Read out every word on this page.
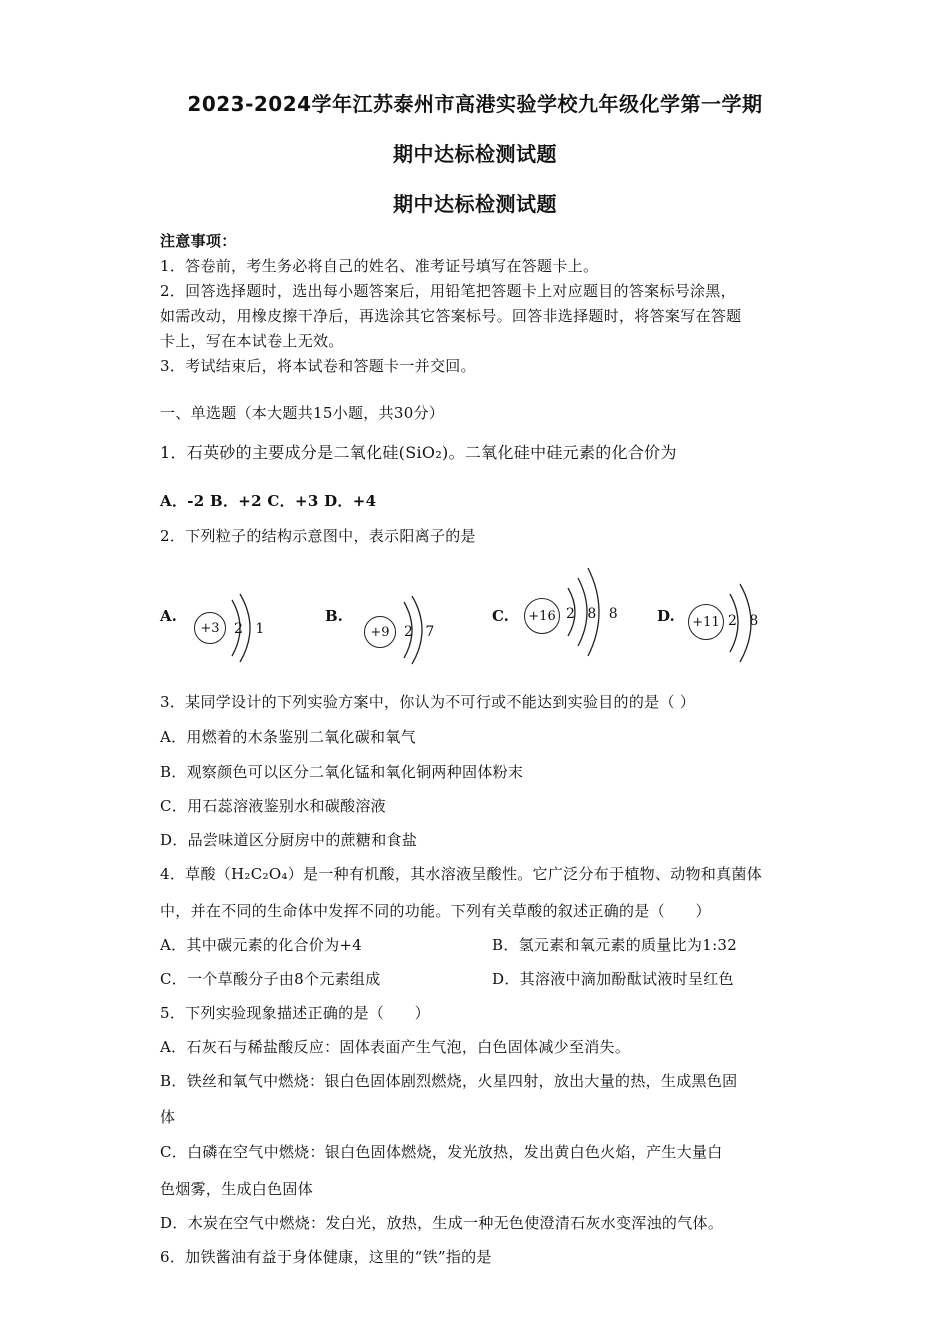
2023-2024学年江苏泰州市高港实验学校九年级化学第一学期
期中达标检测试题
期中达标检测试题
注意事项：
1．答卷前，考生务必将自己的姓名、准考证号填写在答题卡上。
2．回答选择题时，选出每小题答案后，用铅笔把答题卡上对应题目的答案标号涂黑，
如需改动，用橡皮擦干净后，再选涂其它答案标号。回答非选择题时，将答案写在答题
卡上，写在本试卷上无效。
3．考试结束后，将本试卷和答题卡一并交回。
一、单选题（本大题共15小题，共30分）
1．石英砂的主要成分是二氧化硅(SiO₂)。二氧化硅中硅元素的化合价为
A．-2 B．+2 C．+3 D．+4
2．下列粒子的结构示意图中，表示阳离子的是
A.
+3	2 1
B.
+9	2 7
C.	+16 2 8 8 D.	+11 2 8
3．某同学设计的下列实验方案中，你认为不可行或不能达到实验目的的是（ ）
A．用燃着的木条鉴别二氧化碳和氧气
B．观察颜色可以区分二氧化锰和氧化铜两种固体粉末
C．用石蕊溶液鉴别水和碳酸溶液
D．品尝味道区分厨房中的蔗糖和食盐
4．草酸（H₂C₂O₄）是一种有机酸，其水溶液呈酸性。它广泛分布于植物、动物和真菌体
中，并在不同的生命体中发挥不同的功能。下列有关草酸的叙述正确的是（　　）
A．其中碳元素的化合价为+4	B．氢元素和氧元素的质量比为1:32
C．一个草酸分子由8个元素组成	D．其溶液中滴加酚酞试液时呈红色
5．下列实验现象描述正确的是（　　）
A．石灰石与稀盐酸反应：固体表面产生气泡，白色固体减少至消失。
B．铁丝和氧气中燃烧：银白色固体剧烈燃烧，火星四射，放出大量的热，生成黑色固
体
C．白磷在空气中燃烧：银白色固体燃烧，发光放热，发出黄白色火焰，产生大量白
色烟雾，生成白色固体
D．木炭在空气中燃烧：发白光，放热，生成一种无色使澄清石灰水变浑浊的气体。
6．加铁酱油有益于身体健康，这里的“铁”指的是
